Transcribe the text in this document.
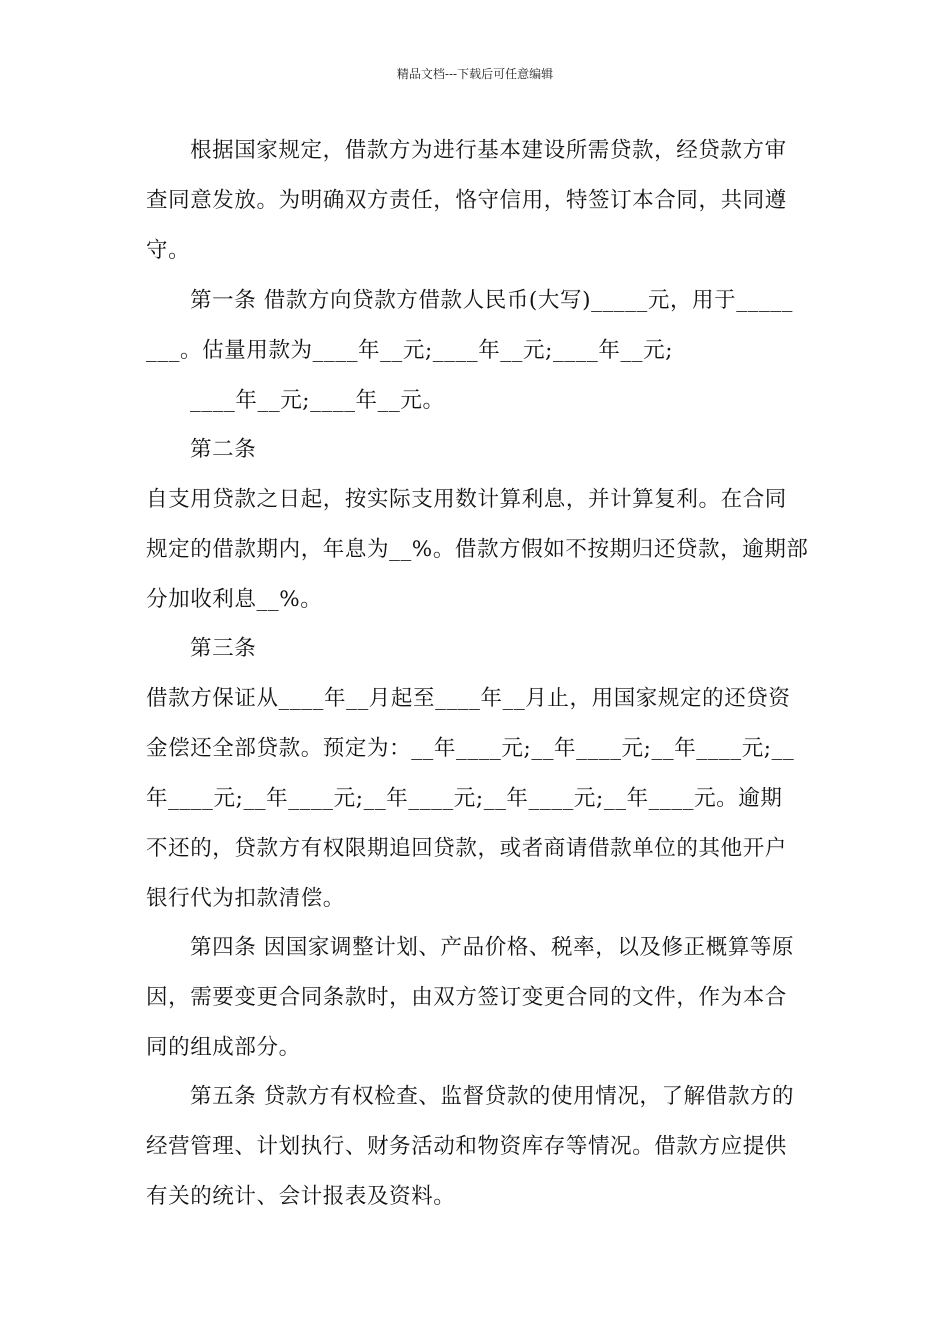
精品文档---下载后可任意编辑
根据国家规定，借款方为进行基本建设所需贷款，经贷款方审
查同意发放。为明确双方责任，恪守信用，特签订本合同，共同遵
守。
第一条 借款方向贷款方借款人民币(大写)_____元，用于_____
___。估量用款为____年__元;____年__元;____年__元;
____年__元;____年__元。
第二条
自支用贷款之日起，按实际支用数计算利息，并计算复利。在合同
规定的借款期内，年息为__%。借款方假如不按期归还贷款，逾期部
分加收利息__%。
第三条
借款方保证从____年__月起至____年__月止，用国家规定的还贷资
金偿还全部贷款。预定为：__年____元;__年____元;__年____元;__
年____元;__年____元;__年____元;__年____元;__年____元。逾期
不还的，贷款方有权限期追回贷款，或者商请借款单位的其他开户
银行代为扣款清偿。
第四条 因国家调整计划、产品价格、税率，以及修正概算等原
因，需要变更合同条款时，由双方签订变更合同的文件，作为本合
同的组成部分。
第五条 贷款方有权检查、监督贷款的使用情况，了解借款方的
经营管理、计划执行、财务活动和物资库存等情况。借款方应提供
有关的统计、会计报表及资料。
